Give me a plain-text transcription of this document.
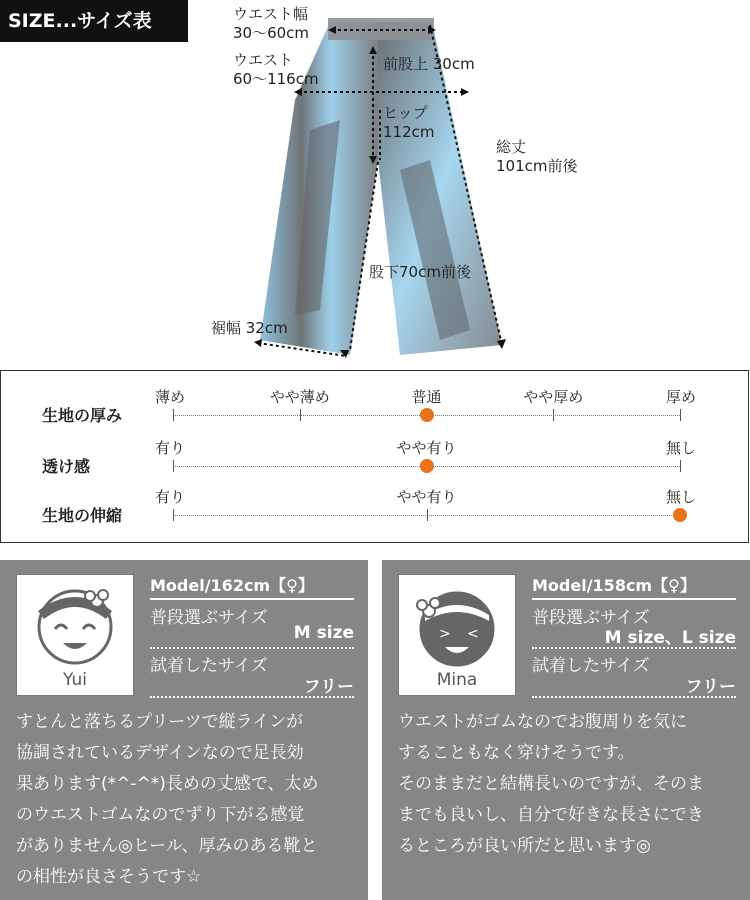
SIZE...サイズ表	ウエスト幅
30〜60cm
ウエスト
60〜116cm
前股上 30cm
ヒップ
112cm
総丈
101cm前後
股下70cm前後
裾幅 32cm
生地の厚み
薄め	やや薄め	普通	やや厚め	厚め
透け感
有り	やや有り	無し
生地の伸縮
有り	やや有り	無し
Yui
Model/162cm【♀】
普段選ぶサイズ
M size
試着したサイズ
フリー
すとんと落ちるプリーツで縦ラインが
協調されているデザインなので足長効
果あります(*^-^*)長めの丈感で、太め
のウエストゴムなのでずり下がる感覚
がありません◎ヒール、厚みのある靴と
の相性が良さそうです☆
> <
Mina
Model/158cm【♀】
普段選ぶサイズ
M size、L size
試着したサイズ
フリー
ウエストがゴムなのでお腹周りを気に
することもなく穿けそうです。
そのままだと結構長いのですが、そのま
までも良いし、自分で好きな長さにでき
るところが良い所だと思います◎
